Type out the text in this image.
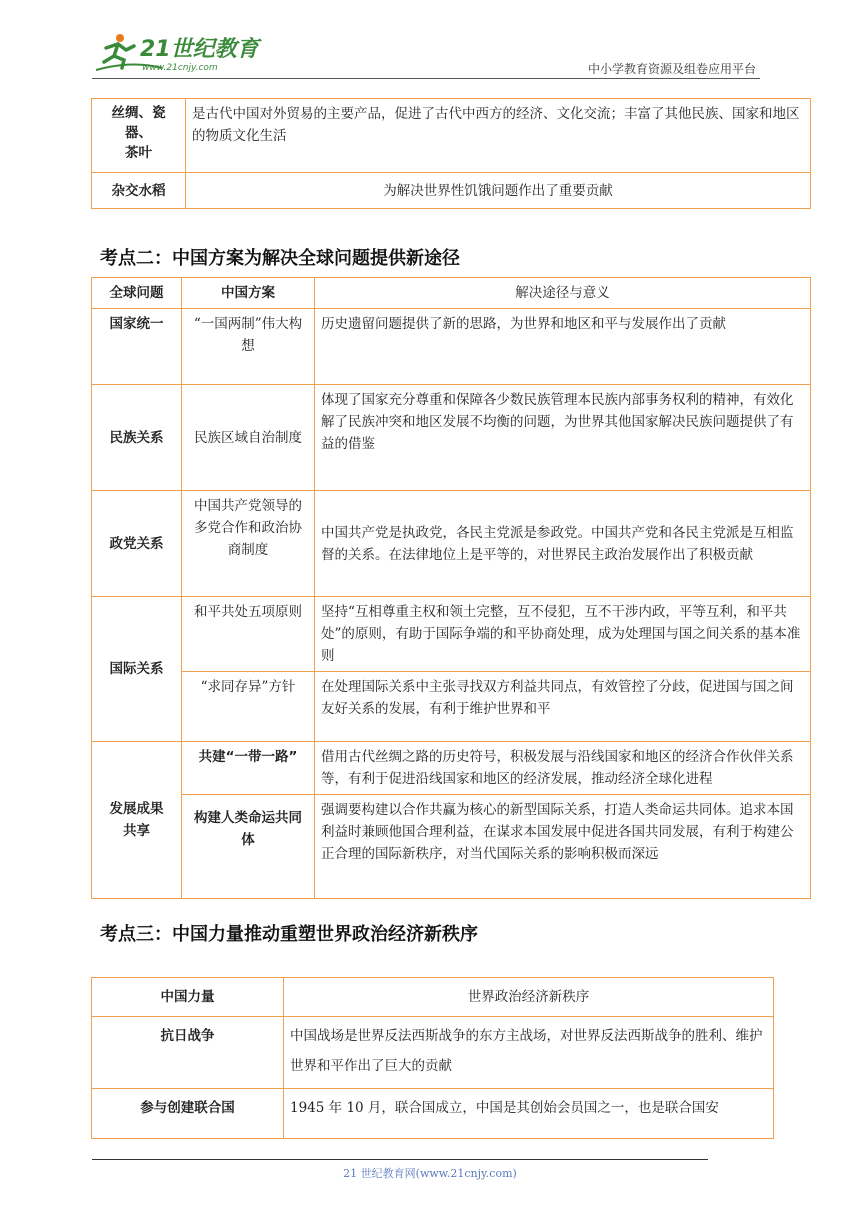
21世纪教育
www.21cnjy.com	中小学教育资源及组卷应用平台
丝绸、瓷
器、
茶叶	是古代中国对外贸易的主要产品，促进了古代中西方的经济、文化交流；丰富了其他民族、国家和地区的物质文化生活
杂交水稻	为解决世界性饥饿问题作出了重要贡献
考点二：中国方案为解决全球问题提供新途径
全球问题	中国方案	解决途径与意义
国家统一	“一国两制”伟大构想	历史遗留问题提供了新的思路，为世界和地区和平与发展作出了贡献
民族关系	民族区域自治制度	体现了国家充分尊重和保障各少数民族管理本民族内部事务权利的精神，有效化解了民族冲突和地区发展不均衡的问题，为世界其他国家解决民族问题提供了有益的借鉴
政党关系	中国共产党领导的多党合作和政治协商制度	中国共产党是执政党，各民主党派是参政党。中国共产党和各民主党派是互相监督的关系。在法律地位上是平等的，对世界民主政治发展作出了积极贡献
国际关系	和平共处五项原则	坚持“互相尊重主权和领土完整，互不侵犯，互不干涉内政，平等互利，和平共处”的原则，有助于国际争端的和平协商处理，成为处理国与国之间关系的基本准则
	“求同存异”方针	在处理国际关系中主张寻找双方利益共同点，有效管控了分歧，促进国与国之间友好关系的发展，有利于维护世界和平
发展成果共享	共建“一带一路”	借用古代丝绸之路的历史符号，积极发展与沿线国家和地区的经济合作伙伴关系等，有利于促进沿线国家和地区的经济发展，推动经济全球化进程
	构建人类命运共同体	强调要构建以合作共赢为核心的新型国际关系，打造人类命运共同体。追求本国利益时兼顾他国合理利益，在谋求本国发展中促进各国共同发展，有利于构建公正合理的国际新秩序，对当代国际关系的影响积极而深远
考点三：中国力量推动重塑世界政治经济新秩序
中国力量	世界政治经济新秩序
抗日战争	中国战场是世界反法西斯战争的东方主战场，对世界反法西斯战争的胜利、维护世界和平作出了巨大的贡献
参与创建联合国	1945 年 10 月，联合国成立，中国是其创始会员国之一，也是联合国安
21 世纪教育网(www.21cnjy.com)
